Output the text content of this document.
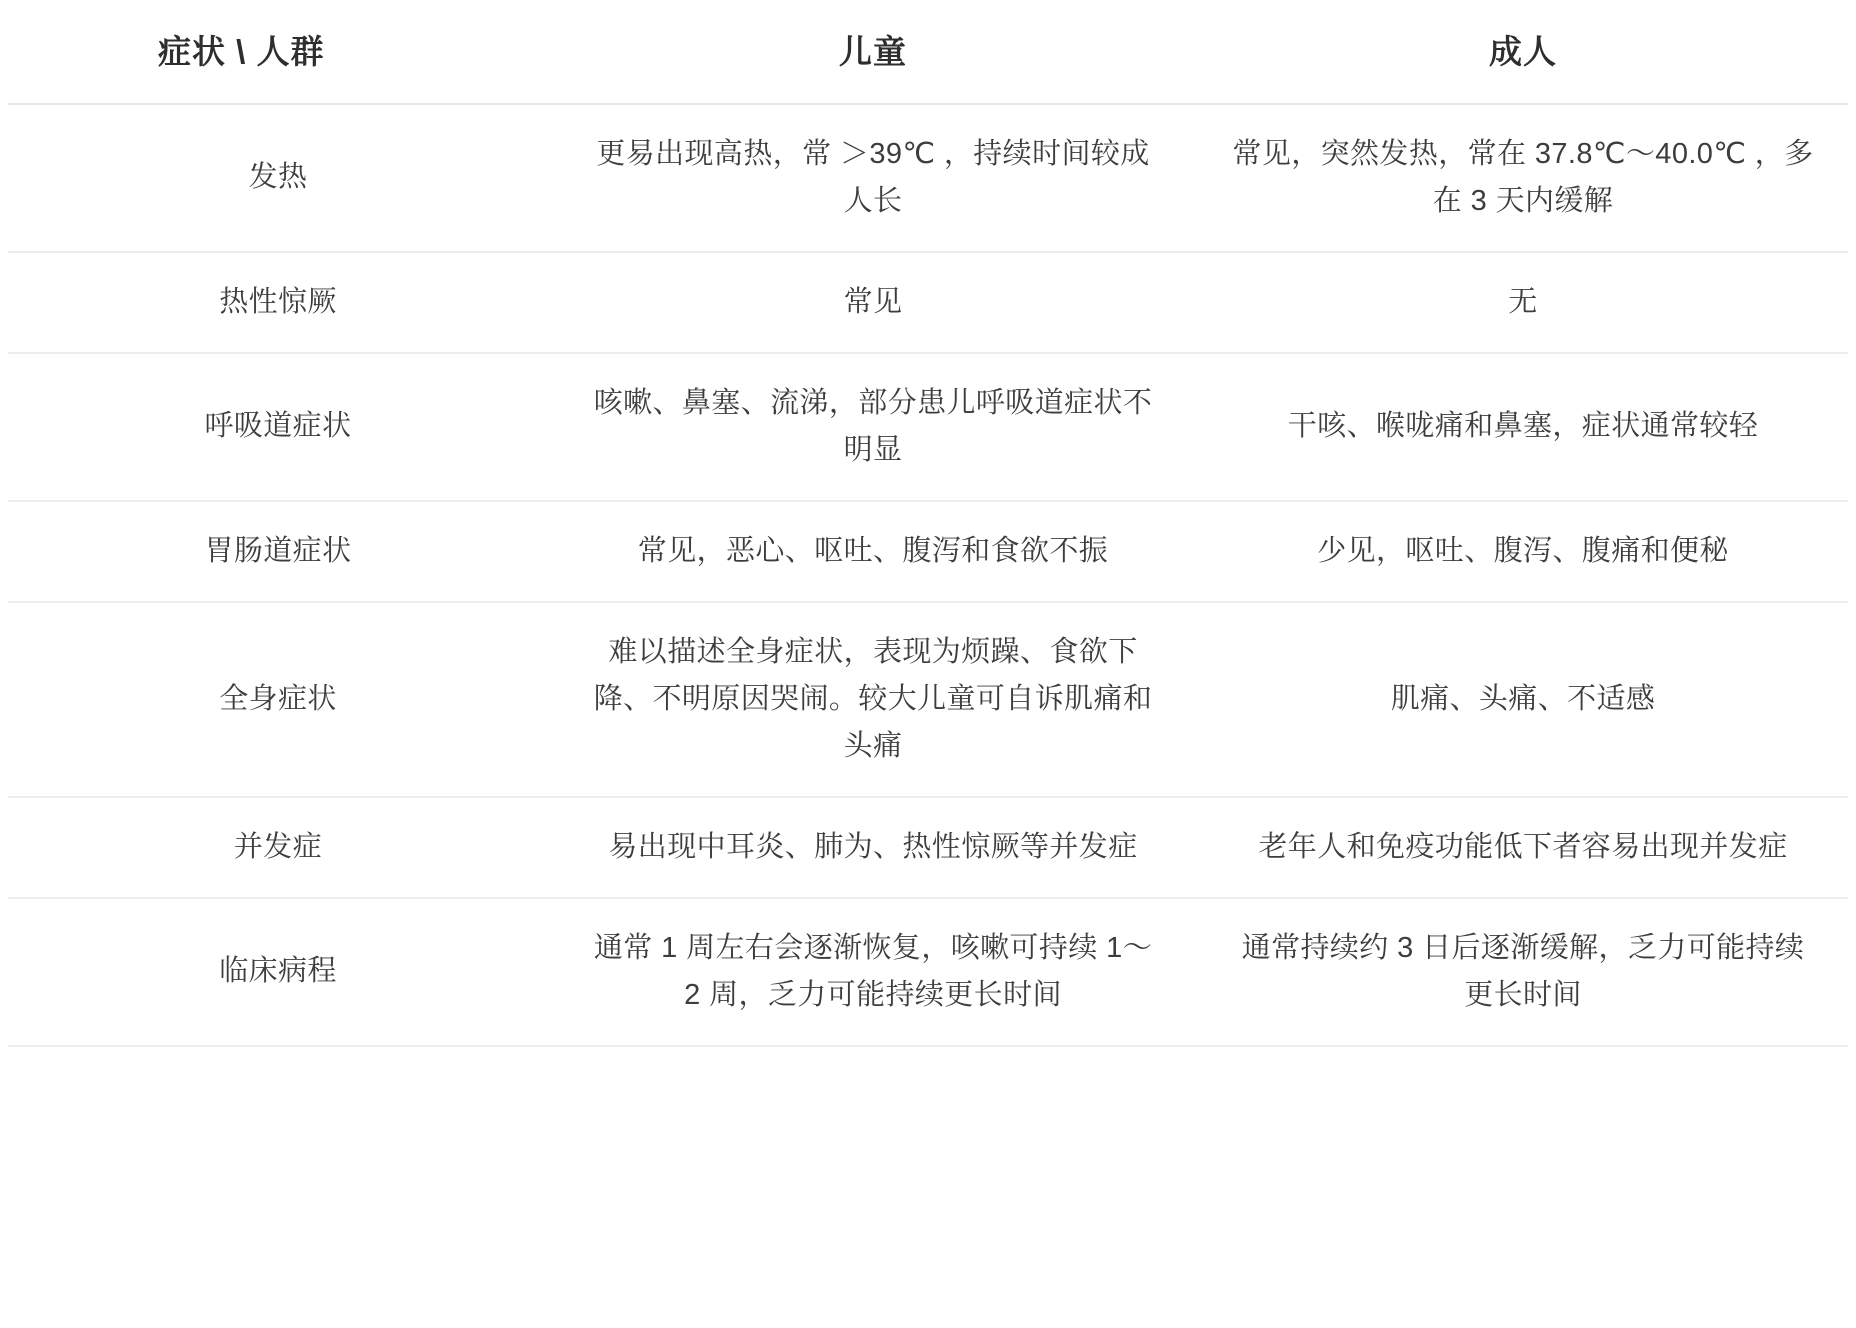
症状 \ 人群	儿童	成人
发热	更易出现高热，常 ＞39℃ ，持续时间较成人长	常见，突然发热，常在 37.8℃～40.0℃ ，多在 3 天内缓解
热性惊厥	常见	无
呼吸道症状	咳嗽、鼻塞、流涕，部分患儿呼吸道症状不明显	干咳、喉咙痛和鼻塞，症状通常较轻
胃肠道症状	常见，恶心、呕吐、腹泻和食欲不振	少见，呕吐、腹泻、腹痛和便秘
全身症状	难以描述全身症状，表现为烦躁、食欲下降、不明原因哭闹。较大儿童可自诉肌痛和头痛	肌痛、头痛、不适感
并发症	易出现中耳炎、肺为、热性惊厥等并发症	老年人和免疫功能低下者容易出现并发症
临床病程	通常 1 周左右会逐渐恢复，咳嗽可持续 1～2 周，乏力可能持续更长时间	通常持续约 3 日后逐渐缓解，乏力可能持续更长时间
